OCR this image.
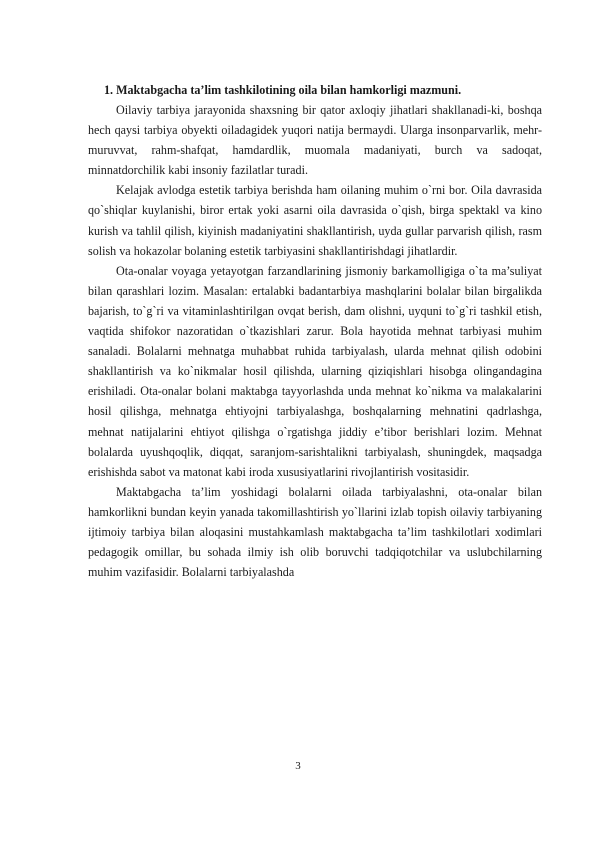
1. Maktabgacha ta’lim tashkilotining oila bilan hamkorligi mazmuni.

Oilaviy tarbiya jarayonida shaxsning bir qator axloqiy jihatlari shakllanadi-ki, boshqa hech qaysi tarbiya obyekti oiladagidek yuqori natija bermaydi. Ularga insonparvarlik, mehr-muruvvat, rahm-shafqat, hamdardlik, muomala madaniyati, burch va sadoqat, minnatdorchilik kabi insoniy fazilatlar turadi.

Kelajak avlodga estetik tarbiya berishda ham oilaning muhim o`rni bor. Oila davrasida qo`shiqlar kuylanishi, biror ertak yoki asarni oila davrasida o`qish, birga spektakl va kino kurish va tahlil qilish, kiyinish madaniyatini shakllantirish, uyda gullar parvarish qilish, rasm solish va hokazolar bolaning estetik tarbiyasini shakllantirishdagi jihatlardir.

Ota-onalar voyaga yetayotgan farzandlarining jismoniy barkamolligiga o`ta ma’suliyat bilan qarashlari lozim. Masalan: ertalabki badantarbiya mashqlarini bolalar bilan birgalikda bajarish, to`g`ri va vitaminlashtirilgan ovqat berish, dam olishni, uyquni to`g`ri tashkil etish, vaqtida shifokor nazoratidan o`tkazishlari zarur. Bola hayotida mehnat tarbiyasi muhim sanaladi. Bolalarni mehnatga muhabbat ruhida tarbiyalash, ularda mehnat qilish odobini shakllantirish va ko`nikmalar hosil qilishda, ularning qiziqishlari hisobga olingandagina erishiladi. Ota-onalar bolani maktabga tayyorlashda unda mehnat ko`nikma va malakalarini hosil qilishga, mehnatga ehtiyojni tarbiyalashga, boshqalarning mehnatini qadrlashga, mehnat natijalarini ehtiyot qilishga o`rgatishga jiddiy e’tibor berishlari lozim. Mehnat bolalarda uyushqoqlik, diqqat, saranjom-sarishtalikni tarbiyalash, shuningdek, maqsadga erishishda sabot va matonat kabi iroda xususiyatlarini rivojlantirish vositasidir.

Maktabgacha ta’lim yoshidagi bolalarni oilada tarbiyalashni, ota-onalar bilan hamkorlikni bundan keyin yanada takomillashtirish yo`llarini izlab topish oilaviy tarbiyaning ijtimoiy tarbiya bilan aloqasini mustahkamlash maktabgacha ta’lim tashkilotlari xodimlari pedagogik omillar, bu sohada ilmiy ish olib boruvchi tadqiqotchilar va uslubchilarning muhim vazifasidir. Bolalarni tarbiyalashda

3
